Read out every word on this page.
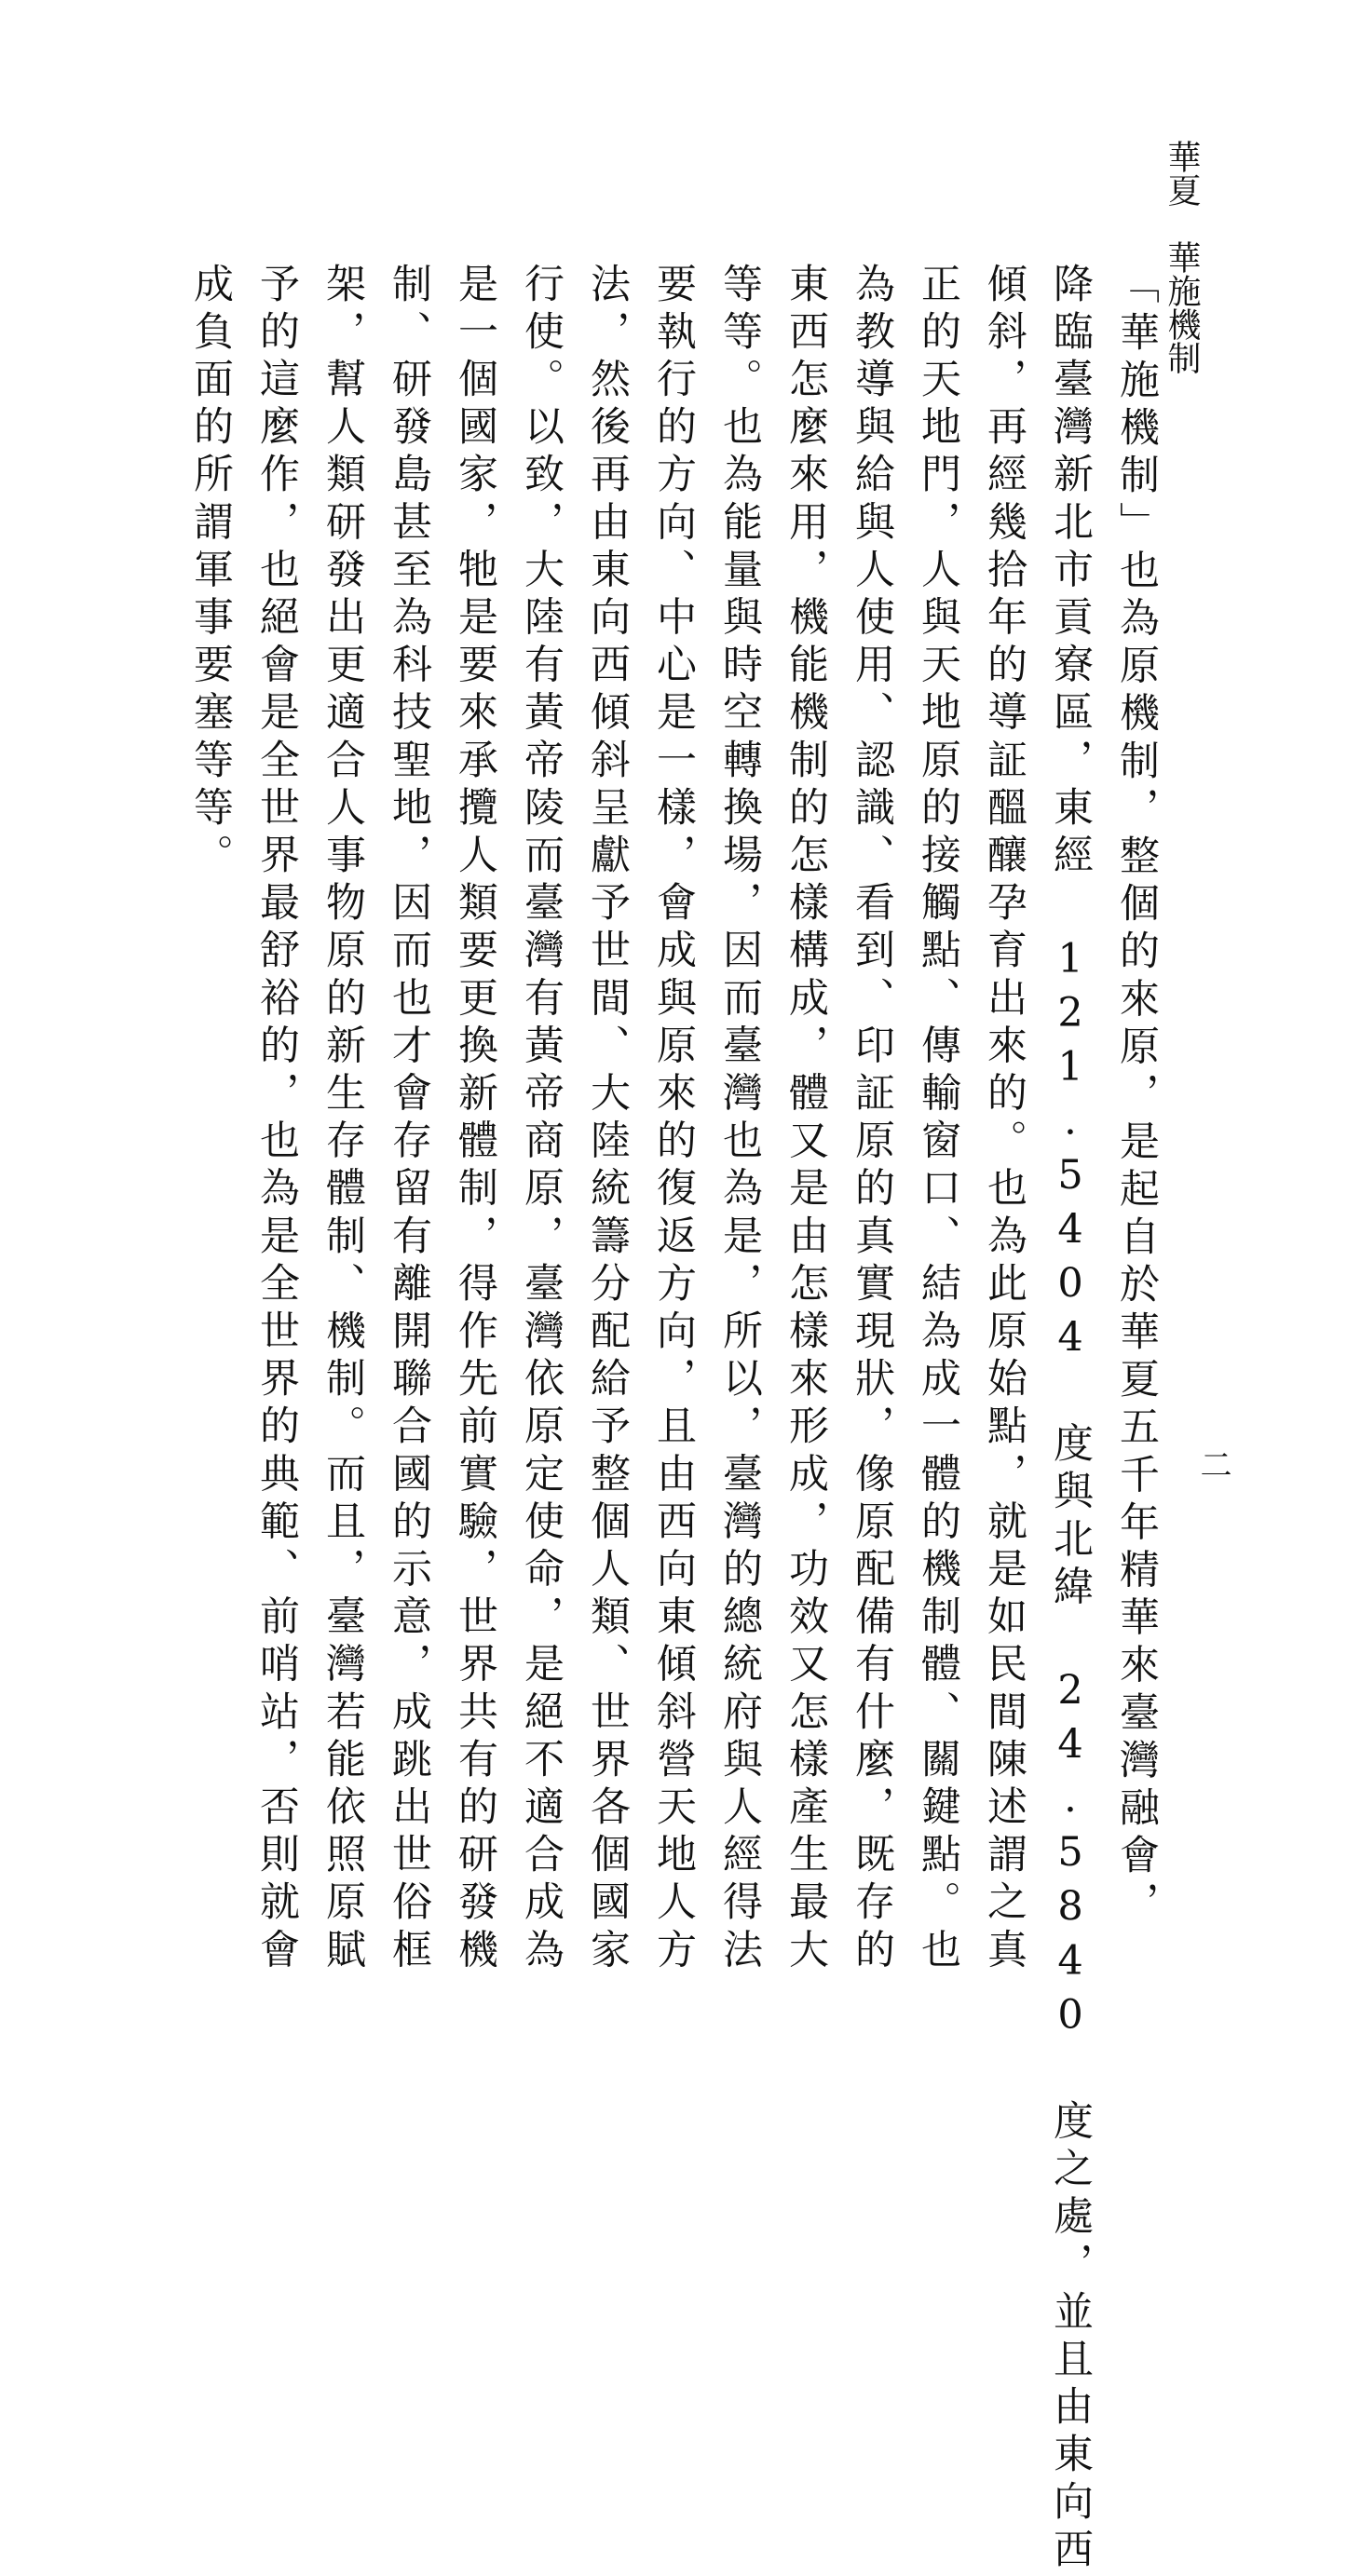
華夏　華施機制
二
「華施機制」也為原機制，整個的來原，是起自於華夏五千年精華來臺灣融會，
降臨臺灣新北市貢寮區，東經 121.5404 度與北緯 24.5840 度之處，並且由東向西
傾斜，再經幾拾年的導証醞釀孕育出來的。也為此原始點，就是如民間陳述謂之真
正的天地門，人與天地原的接觸點、傳輸窗口、結為成一體的機制體、關鍵點。也
為教導與給與人使用、認識、看到、印証原的真實現狀，像原配備有什麼，既存的
東西怎麼來用，機能機制的怎樣構成，體又是由怎樣來形成，功效又怎樣產生最大
等等。也為能量與時空轉換場，因而臺灣也為是，所以，臺灣的總統府與人經得法
要執行的方向、中心是一樣，會成與原來的復返方向，且由西向東傾斜營天地人方
法，然後再由東向西傾斜呈獻予世間、大陸統籌分配給予整個人類、世界各個國家
行使。以致，大陸有黃帝陵而臺灣有黃帝商原，臺灣依原定使命，是絕不適合成為
是一個國家，牠是要來承攬人類要更換新體制，得作先前實驗，世界共有的研發機
制、研發島甚至為科技聖地，因而也才會存留有離開聯合國的示意，成跳出世俗框
架，幫人類研發出更適合人事物原的新生存體制、機制。而且，臺灣若能依照原賦
予的這麼作，也絕會是全世界最舒裕的，也為是全世界的典範、前哨站，否則就會
成負面的所謂軍事要塞等等。
